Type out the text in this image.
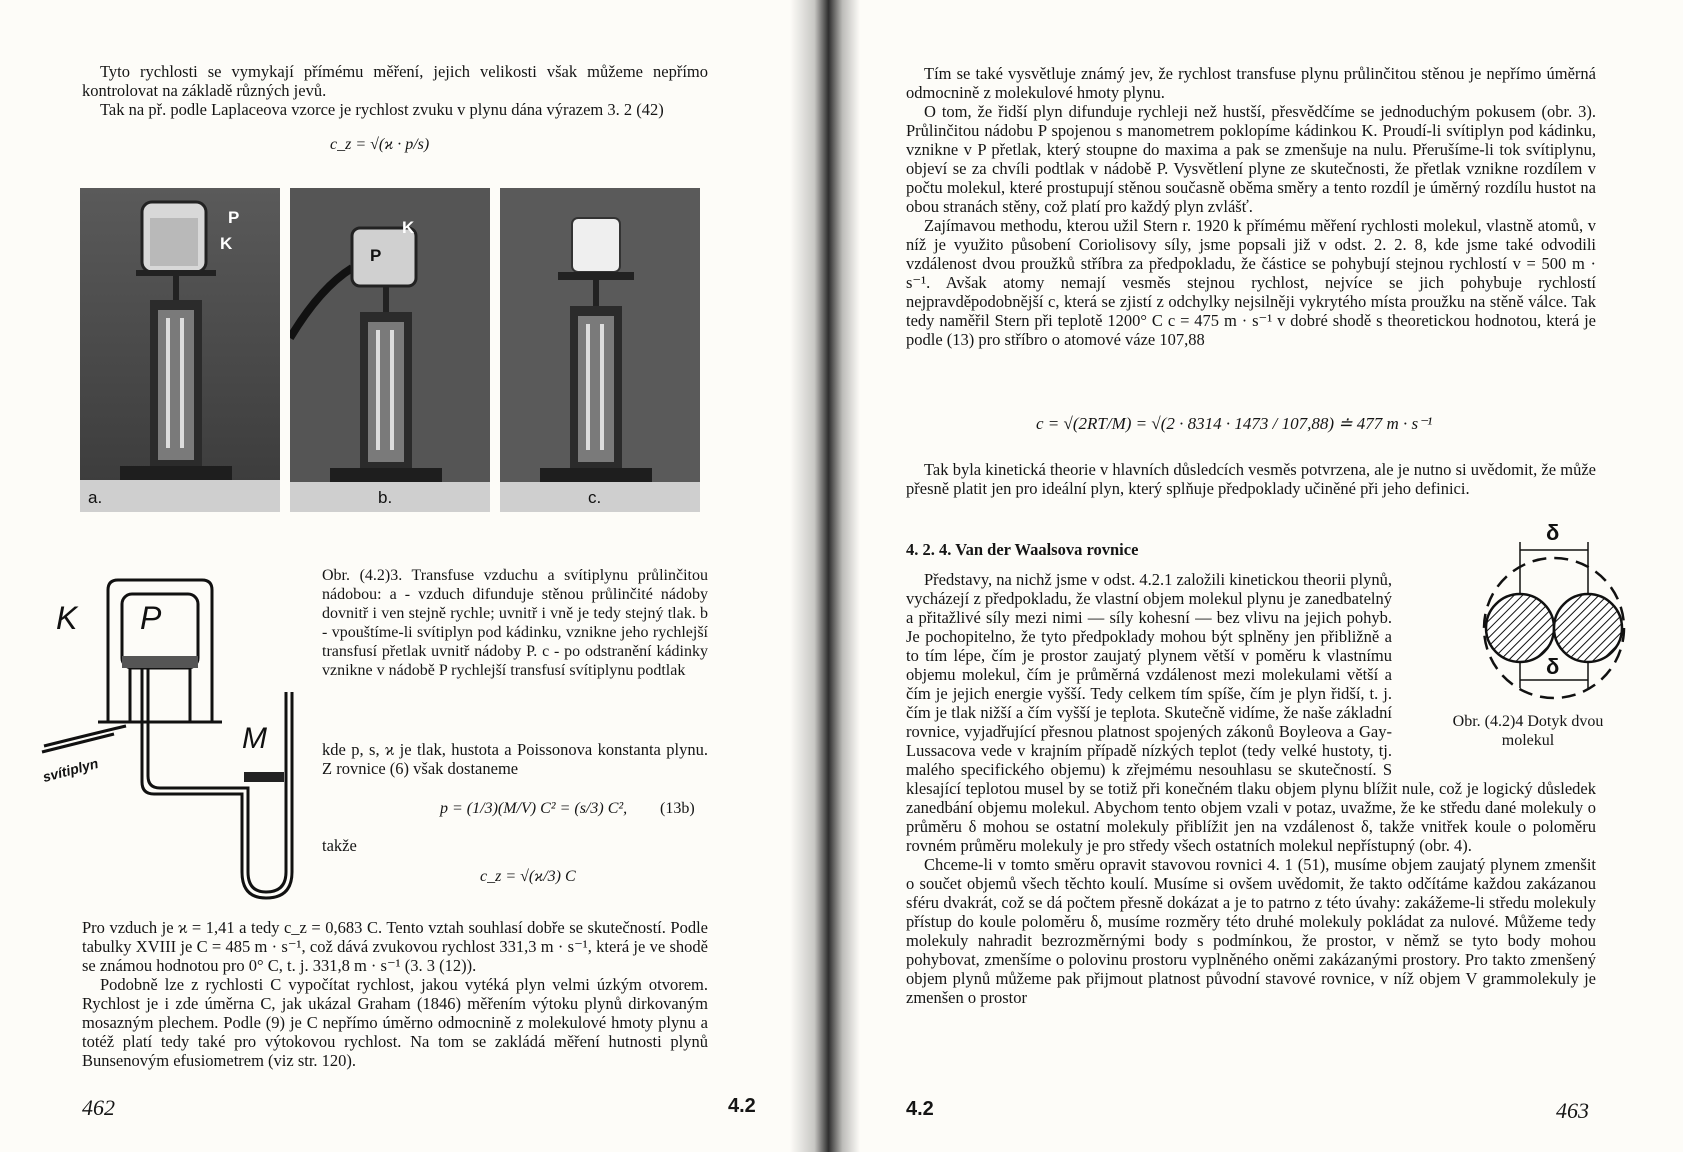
Tyto rychlosti se vymykají přímému měření, jejich velikosti však můžeme nepřímo kontrolovat na základě různých jevů.

Tak na př. podle Laplaceova vzorce je rychlost zvuku v plynu dána výrazem 3. 2 (42)

c_z = √(ϰ · p/s)
P
K
a.
K
P
b.	c.
K P
M
svítiplyn
Obr. (4.2)3. Transfuse vzduchu a svítiplynu průlinčitou nádobou: a - vzduch difunduje stěnou průlinčité nádoby dovnitř i ven stejně rychle; uvnitř i vně je tedy stejný tlak. b - vpouštíme-li svítiplyn pod kádinku, vznikne jeho rychlejší transfusí přetlak uvnitř nádoby P. c - po odstranění kádinky vznikne v nádobě P rychlejší transfusí svítiplynu podtlak
kde p, s, ϰ je tlak, hustota a Poissonova konstanta plynu. Z rovnice (6) však dostaneme
p = (1/3)(M/V) C² = (s/3) C², (13b)
takže
c_z = √(ϰ/3) C

Pro vzduch je ϰ = 1,41 a tedy c_z = 0,683 C. Tento vztah souhlasí dobře se skutečností. Podle tabulky XVIII je C = 485 m · s⁻¹, což dává zvukovou rychlost 331,3 m · s⁻¹, která je ve shodě se známou hodnotou pro 0° C, t. j. 331,8 m · s⁻¹ (3. 3 (12)).

Podobně lze z rychlosti C vypočítat rychlost, jakou vytéká plyn velmi úzkým otvorem. Rychlost je i zde úměrna C, jak ukázal Graham (1846) měřením výtoku plynů dirkovaným mosazným plechem. Podle (9) je C nepřímo úměrno odmocnině z molekulové hmoty plynu a totéž platí tedy také pro výtokovou rychlost. Na tom se zakládá měření hutnosti plynů Bunsenovým efusiometrem (viz str. 120).

462	4.2

Tím se také vysvětluje známý jev, že rychlost transfuse plynu průlinčitou stěnou je nepřímo úměrná odmocnině z molekulové hmoty plynu.

O tom, že řidší plyn difunduje rychleji než hustší, přesvědčíme se jednoduchým pokusem (obr. 3). Průlinčitou nádobu P spojenou s manometrem poklopíme kádinkou K. Proudí-li svítiplyn pod kádinku, vznikne v P přetlak, který stoupne do maxima a pak se zmenšuje na nulu. Přerušíme-li tok svítiplynu, objeví se za chvíli podtlak v nádobě P. Vysvětlení plyne ze skutečnosti, že přetlak vznikne rozdílem v počtu molekul, které prostupují stěnou současně oběma směry a tento rozdíl je úměrný rozdílu hustot na obou stranách stěny, což platí pro každý plyn zvlášť.

Zajímavou methodu, kterou užil Stern r. 1920 k přímému měření rychlosti molekul, vlastně atomů, v níž je využito působení Coriolisovy síly, jsme popsali již v odst. 2. 2. 8, kde jsme také odvodili vzdálenost dvou proužků stříbra za předpokladu, že částice se pohybují stejnou rychlostí v = 500 m · s⁻¹. Avšak atomy nemají vesměs stejnou rychlost, nejvíce se jich pohybuje rychlostí nejpravděpodobnější c, která se zjistí z odchylky nejsilněji vykrytého místa proužku na stěně válce. Tak tedy naměřil Stern při teplotě 1200° C c = 475 m · s⁻¹ v dobré shodě s theoretickou hodnotou, která je podle (13) pro stříbro o atomové váze 107,88

c = √(2RT/M) = √(2 · 8314 · 1473 / 107,88) ≐ 477 m · s⁻¹

Tak byla kinetická theorie v hlavních důsledcích vesměs potvrzena, ale je nutno si uvědomit, že může přesně platit jen pro ideální plyn, který splňuje předpoklady učiněné při jeho definici.

4. 2. 4. Van der Waalsova rovnice

Představy, na nichž jsme v odst. 4.2.1 založili kinetickou theorii plynů, vycházejí z předpokladu, že vlastní objem molekul plynu je zanedbatelný a přitažlivé síly mezi nimi — síly kohesní — bez vlivu na jejich pohyb. Je pochopitelno, že tyto předpoklady mohou být splněny jen přibližně a to tím lépe, čím je prostor zaujatý plynem větší v poměru k vlastnímu objemu molekul, čím je průměrná vzdálenost mezi molekulami větší a čím je jejich energie vyšší. Tedy celkem tím spíše, čím je plyn řidší, t. j. čím je tlak nižší a čím vyšší je teplota. Skutečně vidíme, že naše základní rovnice, vyjadřující přesnou platnost spojených zákonů Boyleova a Gay-Lussacova vede v krajním případě nízkých teplot (tedy velké hustoty, tj. malého specifického objemu) k zřejmému nesouhlasu se skutečností. S klesající teplotou musel by se totiž při konečném tlaku objem plynu blížit nule, což je logický důsledek zanedbání objemu molekul. Abychom tento objem vzali v potaz, uvažme, že ke středu dané molekuly o průměru δ mohou se ostatní molekuly přiblížit jen na vzdálenost δ, takže vnitřek koule o poloměru rovném průměru molekuly je pro středy všech ostatních molekul nepřístupný (obr. 4).

Chceme-li v tomto směru opravit stavovou rovnici 4. 1 (51), musíme objem zaujatý plynem zmenšit o součet objemů všech těchto koulí. Musíme si ovšem uvědomit, že takto odčítáme každou zakázanou sféru dvakrát, což se dá počtem přesně dokázat a je to patrno z této úvahy: zakážeme-li středu molekuly přístup do koule poloměru δ, musíme rozměry této druhé molekuly pokládat za nulové. Můžeme tedy molekuly nahradit bezrozměrnými body s podmínkou, že prostor, v němž se tyto body mohou pohybovat, zmenšíme o polovinu prostoru vyplněného oněmi zakázanými prostory. Pro takto zmenšený objem plynů můžeme pak přijmout platnost původní stavové rovnice, v níž objem V grammolekuly je zmenšen o prostor

δ
δ
Obr. (4.2)4 Dotyk dvou molekul
4.2	463
